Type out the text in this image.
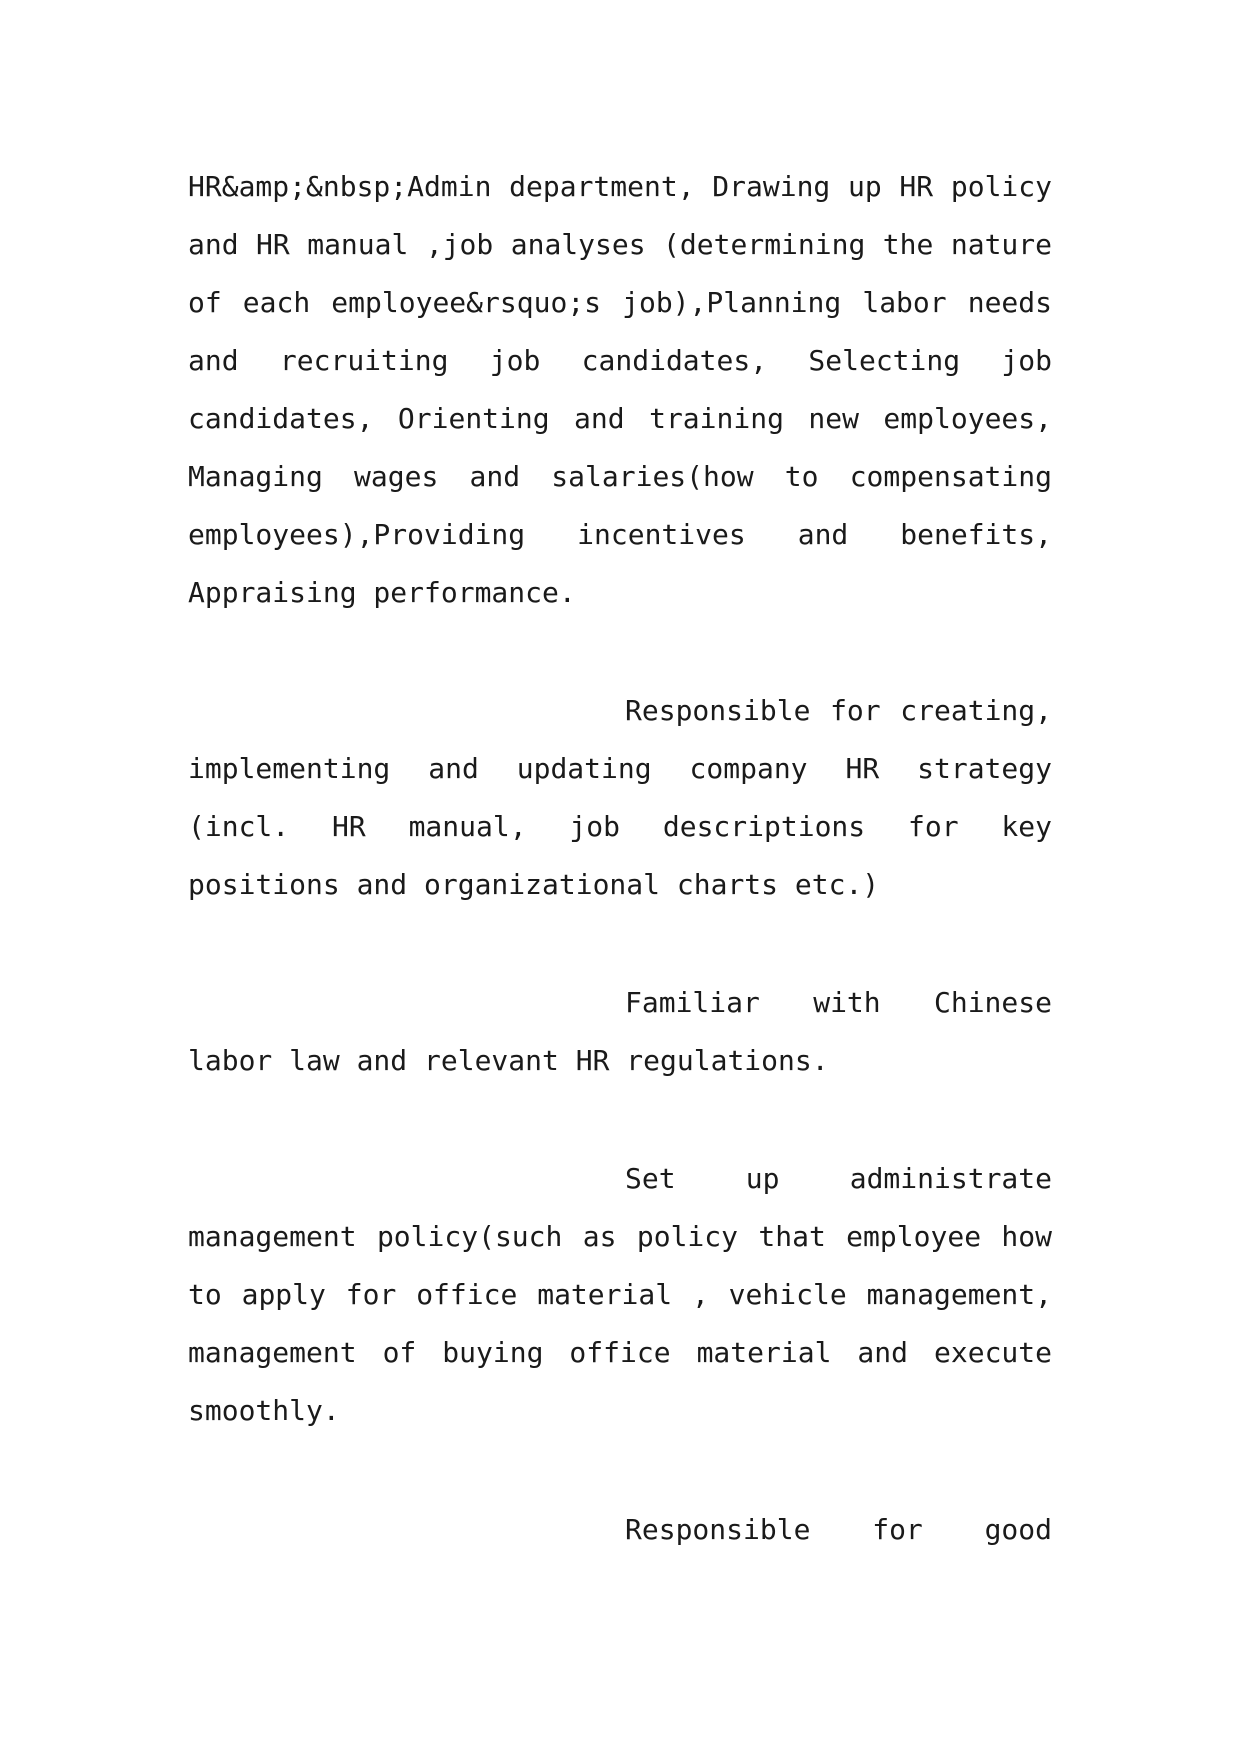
HR&amp;&nbsp;Admin department, Drawing up HR policy and HR manual ,job analyses (determining the nature of each employee&rsquo;s job),Planning labor needs and recruiting job candidates, Selecting job candidates, Orienting and training new employees, Managing wages and salaries(how to compensating employees),Providing incentives and benefits, Appraising performance.

Responsible for creating, implementing and updating company HR strategy (incl. HR manual, job descriptions for key positions and organizational charts etc.)

Familiar with Chinese labor law and relevant HR regulations.

Set up administrate management policy(such as policy that employee how to apply for office material , vehicle management, management of buying office material and execute smoothly.

Responsible for good
